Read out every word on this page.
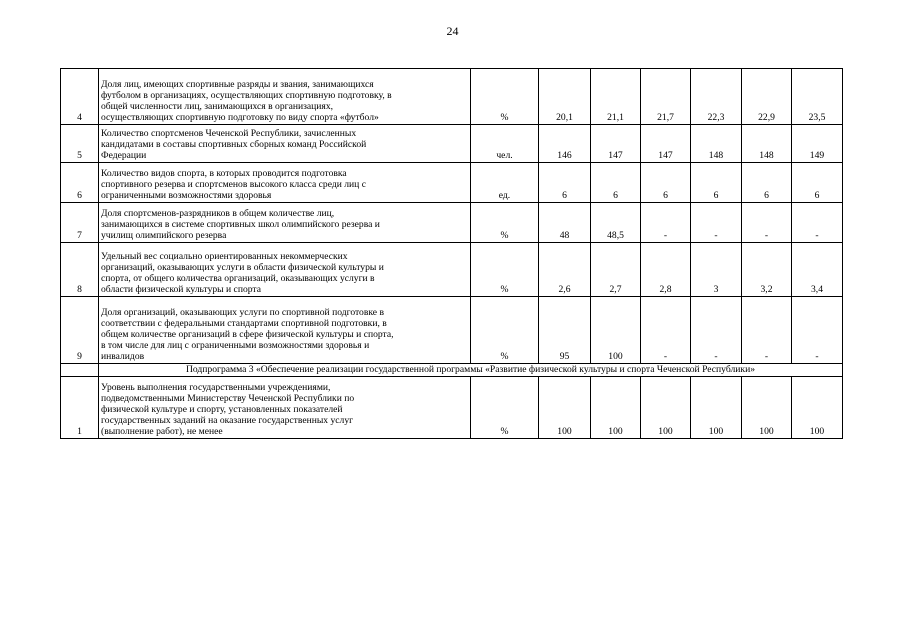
24
4	Доля лиц, имеющих спортивные разряды и звания, занимающихся
футболом в организациях, осуществляющих спортивную подготовку, в
общей численности лиц, занимающихся в организациях,
осуществляющих спортивную подготовку по виду спорта «футбол»	%	20,1	21,1	21,7	22,3	22,9	23,5
5	Количество спортсменов Чеченской Республики, зачисленных
кандидатами в составы спортивных сборных команд Российской
Федерации	чел.	146	147	147	148	148	149
6	Количество видов спорта, в которых проводится подготовка
спортивного резерва и спортсменов высокого класса среди лиц с
ограниченными возможностями здоровья	ед.	6	6	6	6	6	6
7	Доля спортсменов-разрядников в общем количестве лиц,
занимающихся в системе спортивных школ олимпийского резерва и
училищ олимпийского резерва	%	48	48,5	-	-	-	-
8	Удельный вес социально ориентированных некоммерческих
организаций, оказывающих услуги в области физической культуры и
спорта, от общего количества организаций, оказывающих услуги в
области физической культуры и спорта	%	2,6	2,7	2,8	3	3,2	3,4
9	Доля организаций, оказывающих услуги по спортивной подготовке в
соответствии с федеральными стандартами спортивной подготовки, в
общем количестве организаций в сфере физической культуры и спорта,
в том числе для лиц с ограниченными возможностями здоровья и
инвалидов	%	95	100	-	-	-	-
	Подпрограмма 3 «Обеспечение реализации государственной программы «Развитие физической культуры и спорта Чеченской Республики»							
1	Уровень выполнения государственными учреждениями,
подведомственными Министерству Чеченской Республики по
физической культуре и спорту, установленных показателей
государственных заданий на оказание государственных услуг
(выполнение работ), не менее	%	100	100	100	100	100	100
